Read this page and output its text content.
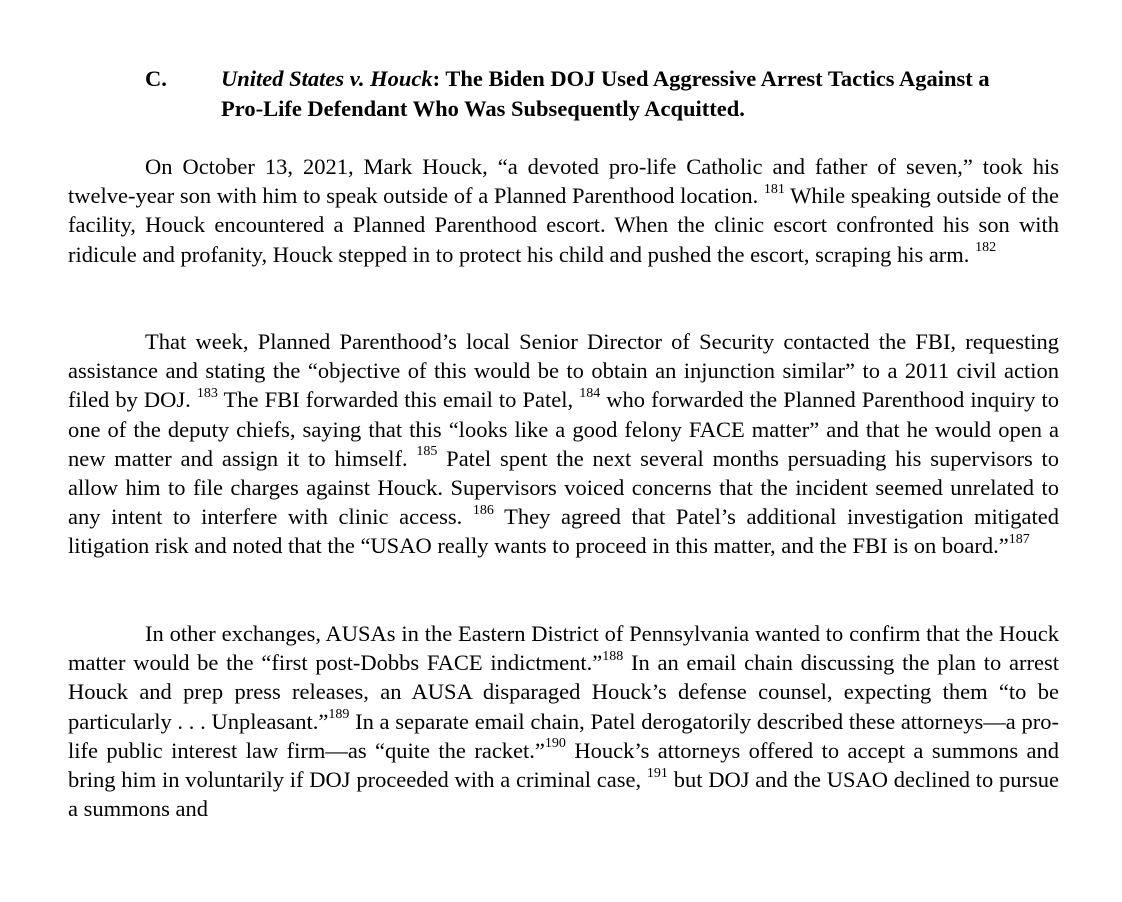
C. United States v. Houck: The Biden DOJ Used Aggressive Arrest Tactics Against a Pro-Life Defendant Who Was Subsequently Acquitted.

On October 13, 2021, Mark Houck, “a devoted pro-life Catholic and father of seven,” took his twelve-year son with him to speak outside of a Planned Parenthood location. $^{181}$ While speaking outside of the facility, Houck encountered a Planned Parenthood escort. When the clinic escort confronted his son with ridicule and profanity, Houck stepped in to protect his child and pushed the escort, scraping his arm. $^{182}$

That week, Planned Parenthood’s local Senior Director of Security contacted the FBI, requesting assistance and stating the “objective of this would be to obtain an injunction similar” to a 2011 civil action filed by DOJ. $^{183}$ The FBI forwarded this email to Patel, $^{184}$ who forwarded the Planned Parenthood inquiry to one of the deputy chiefs, saying that this “looks like a good felony FACE matter” and that he would open a new matter and assign it to himself. $^{185}$ Patel spent the next several months persuading his supervisors to allow him to file charges against Houck. Supervisors voiced concerns that the incident seemed unrelated to any intent to interfere with clinic access. $^{186}$ They agreed that Patel’s additional investigation mitigated litigation risk and noted that the “USAO really wants to proceed in this matter, and the FBI is on board.”$^{187}$

In other exchanges, AUSAs in the Eastern District of Pennsylvania wanted to confirm that the Houck matter would be the “first post-Dobbs FACE indictment.”$^{188}$ In an email chain discussing the plan to arrest Houck and prep press releases, an AUSA disparaged Houck’s defense counsel, expecting them “to be particularly . . . Unpleasant.”$^{189}$ In a separate email chain, Patel derogatorily described these attorneys—a pro-life public interest law firm—as “quite the racket.”$^{190}$ Houck’s attorneys offered to accept a summons and bring him in voluntarily if DOJ proceeded with a criminal case, $^{191}$ but DOJ and the USAO declined to pursue a summons and
